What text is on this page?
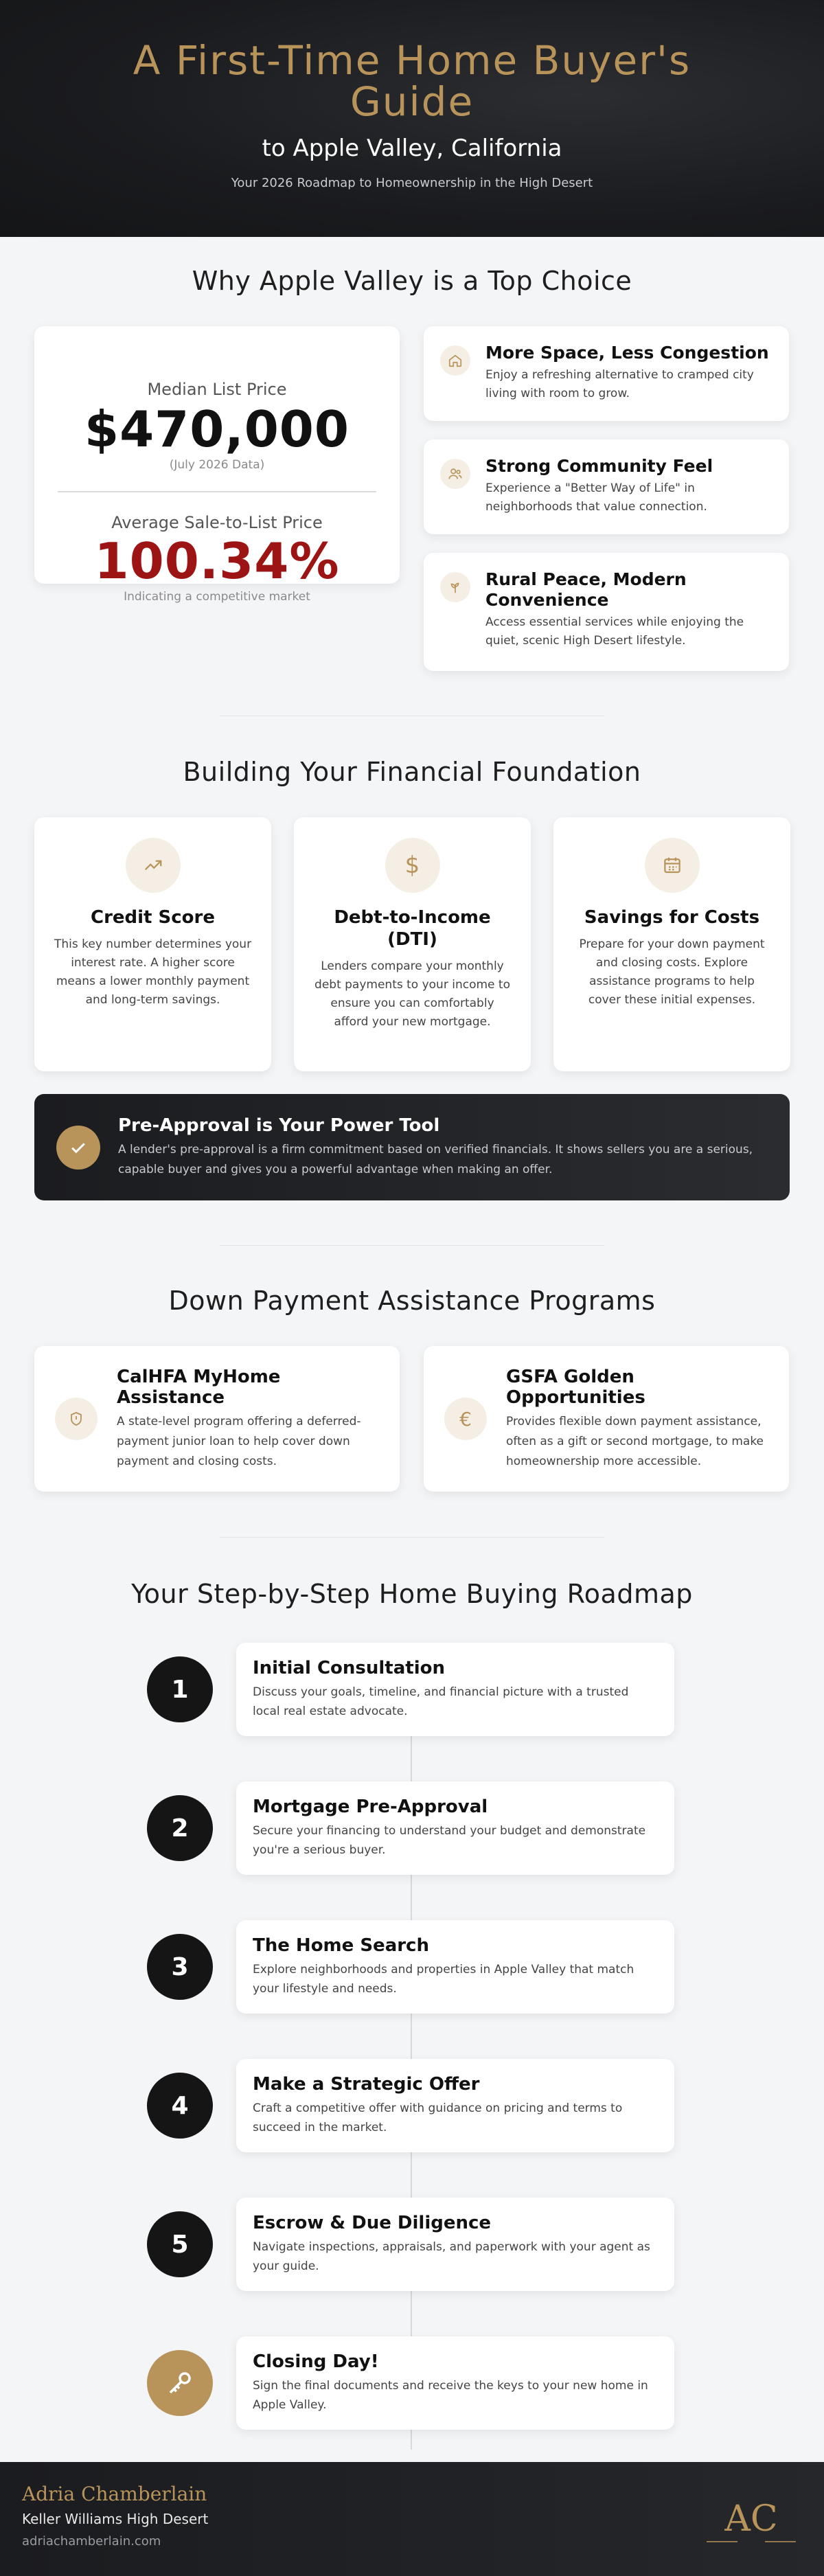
A First-Time Home Buyer's Guide
to Apple Valley, California
Your 2026 Roadmap to Homeownership in the High Desert
Why Apple Valley is a Top Choice
Median List Price
$470,000
(July 2026 Data)
Average Sale-to-List Price
100.34%
Indicating a competitive market
More Space, Less Congestion
Enjoy a refreshing alternative to cramped city living with room to grow.
Strong Community Feel
Experience a "Better Way of Life" in neighborhoods that value connection.
Rural Peace, Modern Convenience
Access essential services while enjoying the quiet, scenic High Desert lifestyle.
Building Your Financial Foundation
Credit Score
This key number determines your interest rate. A higher score means a lower monthly payment and long-term savings.
$
Debt-to-Income (DTI)
Lenders compare your monthly debt payments to your income to ensure you can comfortably afford your new mortgage.
Savings for Costs
Prepare for your down payment and closing costs. Explore assistance programs to help cover these initial expenses.
Pre-Approval is Your Power Tool
A lender's pre-approval is a firm commitment based on verified financials. It shows sellers you are a serious, capable buyer and gives you a powerful advantage when making an offer.
Down Payment Assistance Programs
CalHFA MyHome Assistance
A state-level program offering a deferred-payment junior loan to help cover down payment and closing costs.
€
GSFA Golden Opportunities
Provides flexible down payment assistance, often as a gift or second mortgage, to make homeownership more accessible.
Your Step-by-Step Home Buying Roadmap
1
Initial Consultation
Discuss your goals, timeline, and financial picture with a trusted local real estate advocate.
2
Mortgage Pre-Approval
Secure your financing to understand your budget and demonstrate you're a serious buyer.
3
The Home Search
Explore neighborhoods and properties in Apple Valley that match your lifestyle and needs.
4
Make a Strategic Offer
Craft a competitive offer with guidance on pricing and terms to succeed in the market.
5
Escrow & Due Diligence
Navigate inspections, appraisals, and paperwork with your agent as your guide.
Closing Day!
Sign the final documents and receive the keys to your new home in Apple Valley.
Adria Chamberlain
Keller Williams High Desert
adriachamberlain.com
AC
